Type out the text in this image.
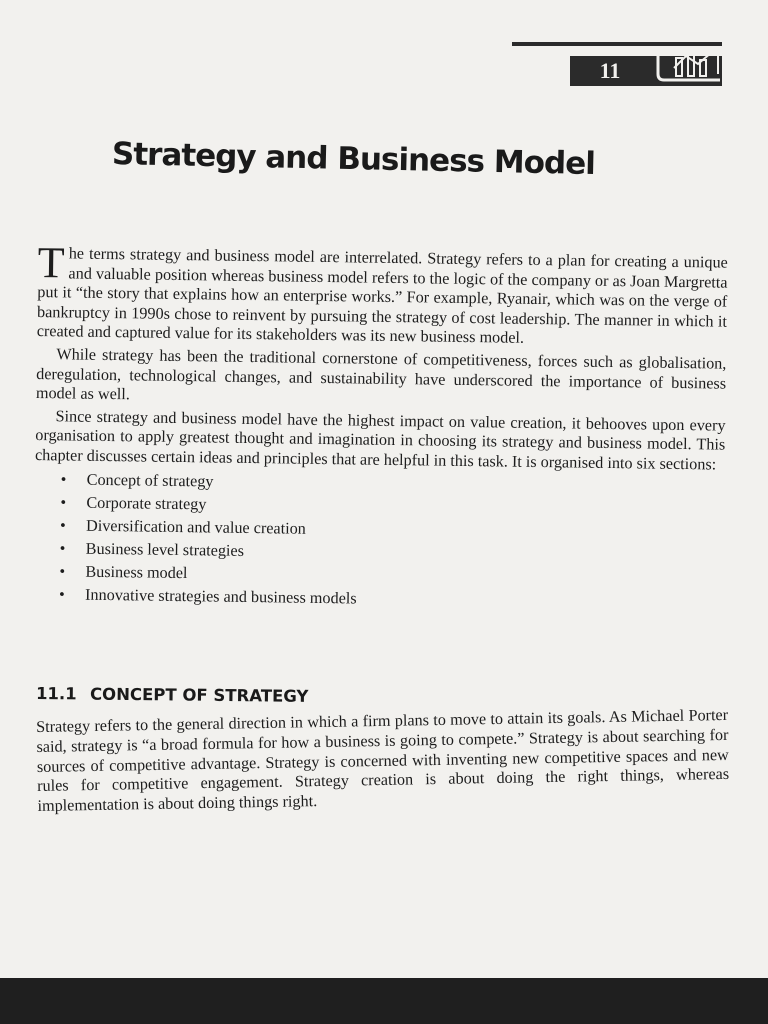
11
Strategy and Business Model

The terms strategy and business model are interrelated. Strategy refers to a plan for creating a unique and valuable position whereas business model refers to the logic of the company or as Joan Margretta put it “the story that explains how an enterprise works.” For example, Ryanair, which was on the verge of bankruptcy in 1990s chose to reinvent by pursuing the strategy of cost leadership. The manner in which it created and captured value for its stakeholders was its new business model.

While strategy has been the traditional cornerstone of competitiveness, forces such as globalisation, deregulation, technological changes, and sustainability have underscored the importance of business model as well.

Since strategy and business model have the highest impact on value creation, it behooves upon every organisation to apply greatest thought and imagination in choosing its strategy and business model. This chapter discusses certain ideas and principles that are helpful in this task. It is organised into six sections:

• Concept of strategy
• Corporate strategy
• Diversification and value creation
• Business level strategies
• Business model
• Innovative strategies and business models
11.1 CONCEPT OF STRATEGY

Strategy refers to the general direction in which a firm plans to move to attain its goals. As Michael Porter said, strategy is “a broad formula for how a business is going to compete.” Strategy is about searching for sources of competitive advantage. Strategy is concerned with inventing new competitive spaces and new rules for competitive engagement. Strategy creation is about doing the right things, whereas implementation is about doing things right.
